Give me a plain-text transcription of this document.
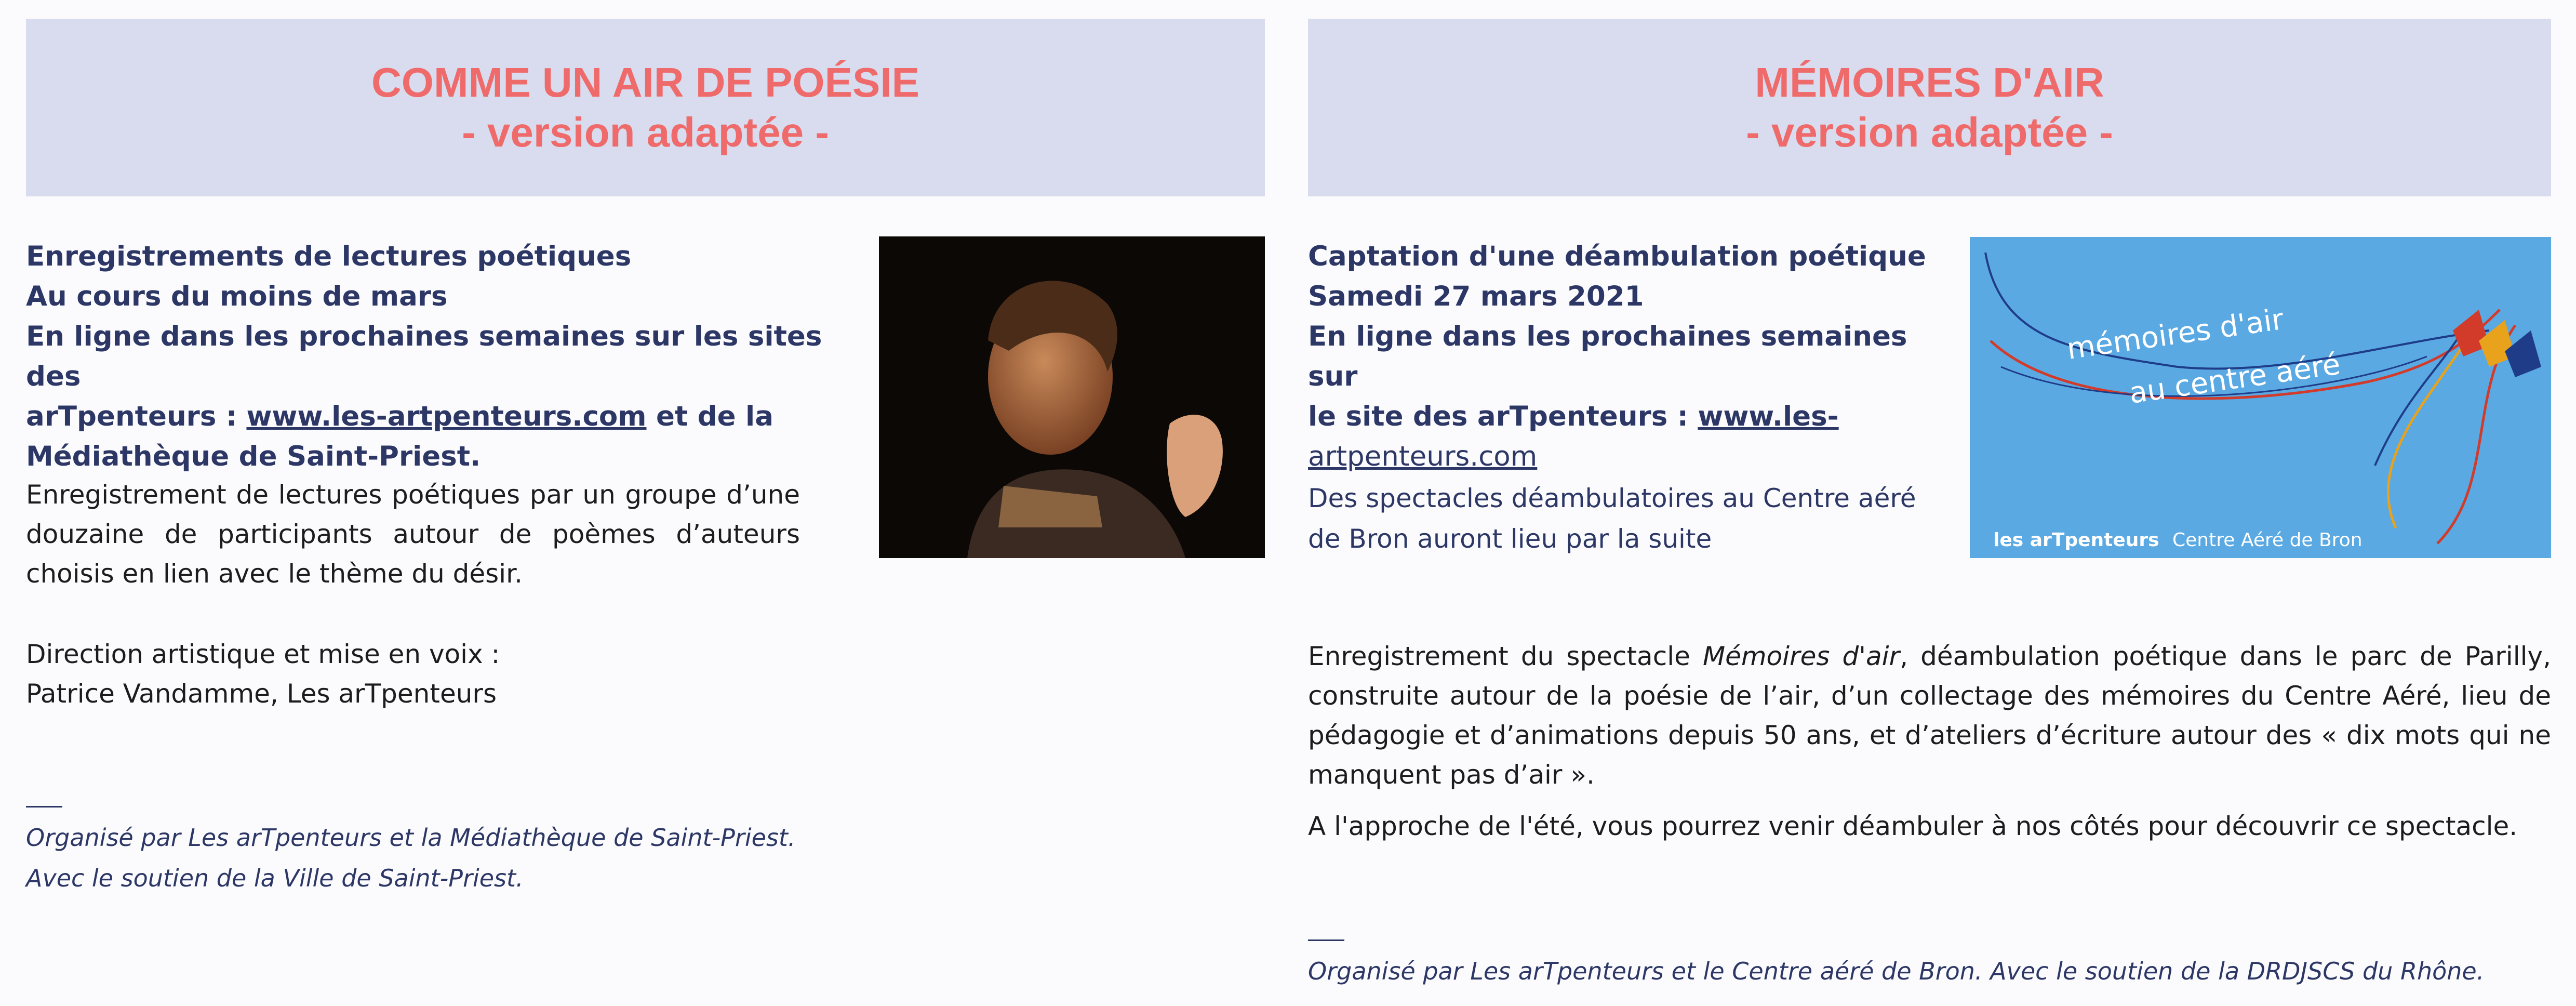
COMME UN AIR DE POÉSIE
- version adaptée -
Enregistrements de lectures poétiques
Au cours du moins de mars
En ligne dans les prochaines semaines sur les sites des
arTpenteurs : www.les-artpenteurs.com et de la
Médiathèque de Saint-Priest.
Enregistrement de lectures poétiques par un groupe d’une douzaine de participants autour de poèmes d’auteurs choisis en lien avec le thème du désir.
Direction artistique et mise en voix :
Patrice Vandamme, Les arTpenteurs
Organisé par Les arTpenteurs et la Médiathèque de Saint-Priest.
Avec le soutien de la Ville de Saint-Priest.
MÉMOIRES D'AIR
- version adaptée -
Captation d'une déambulation poétique
Samedi 27 mars 2021
En ligne dans les prochaines semaines sur
le site des arTpenteurs : www.les-
artpenteurs.com
Des spectacles déambulatoires au Centre aéré
de Bron auront lieu par la suite
mémoires d'air
au centre aéré
les arTpenteurs Centre Aéré de Bron
Enregistrement du spectacle Mémoires d'air, déambulation poétique dans le parc de Parilly, construite autour de la poésie de l’air, d’un collectage des mémoires du Centre Aéré, lieu de pédagogie et d’animations depuis 50 ans, et d’ateliers d’écriture autour des « dix mots qui ne manquent pas d’air ».
A l'approche de l'été, vous pourrez venir déambuler à nos côtés pour découvrir ce spectacle.
Organisé par Les arTpenteurs et le Centre aéré de Bron. Avec le soutien de la DRDJSCS du Rhône.
